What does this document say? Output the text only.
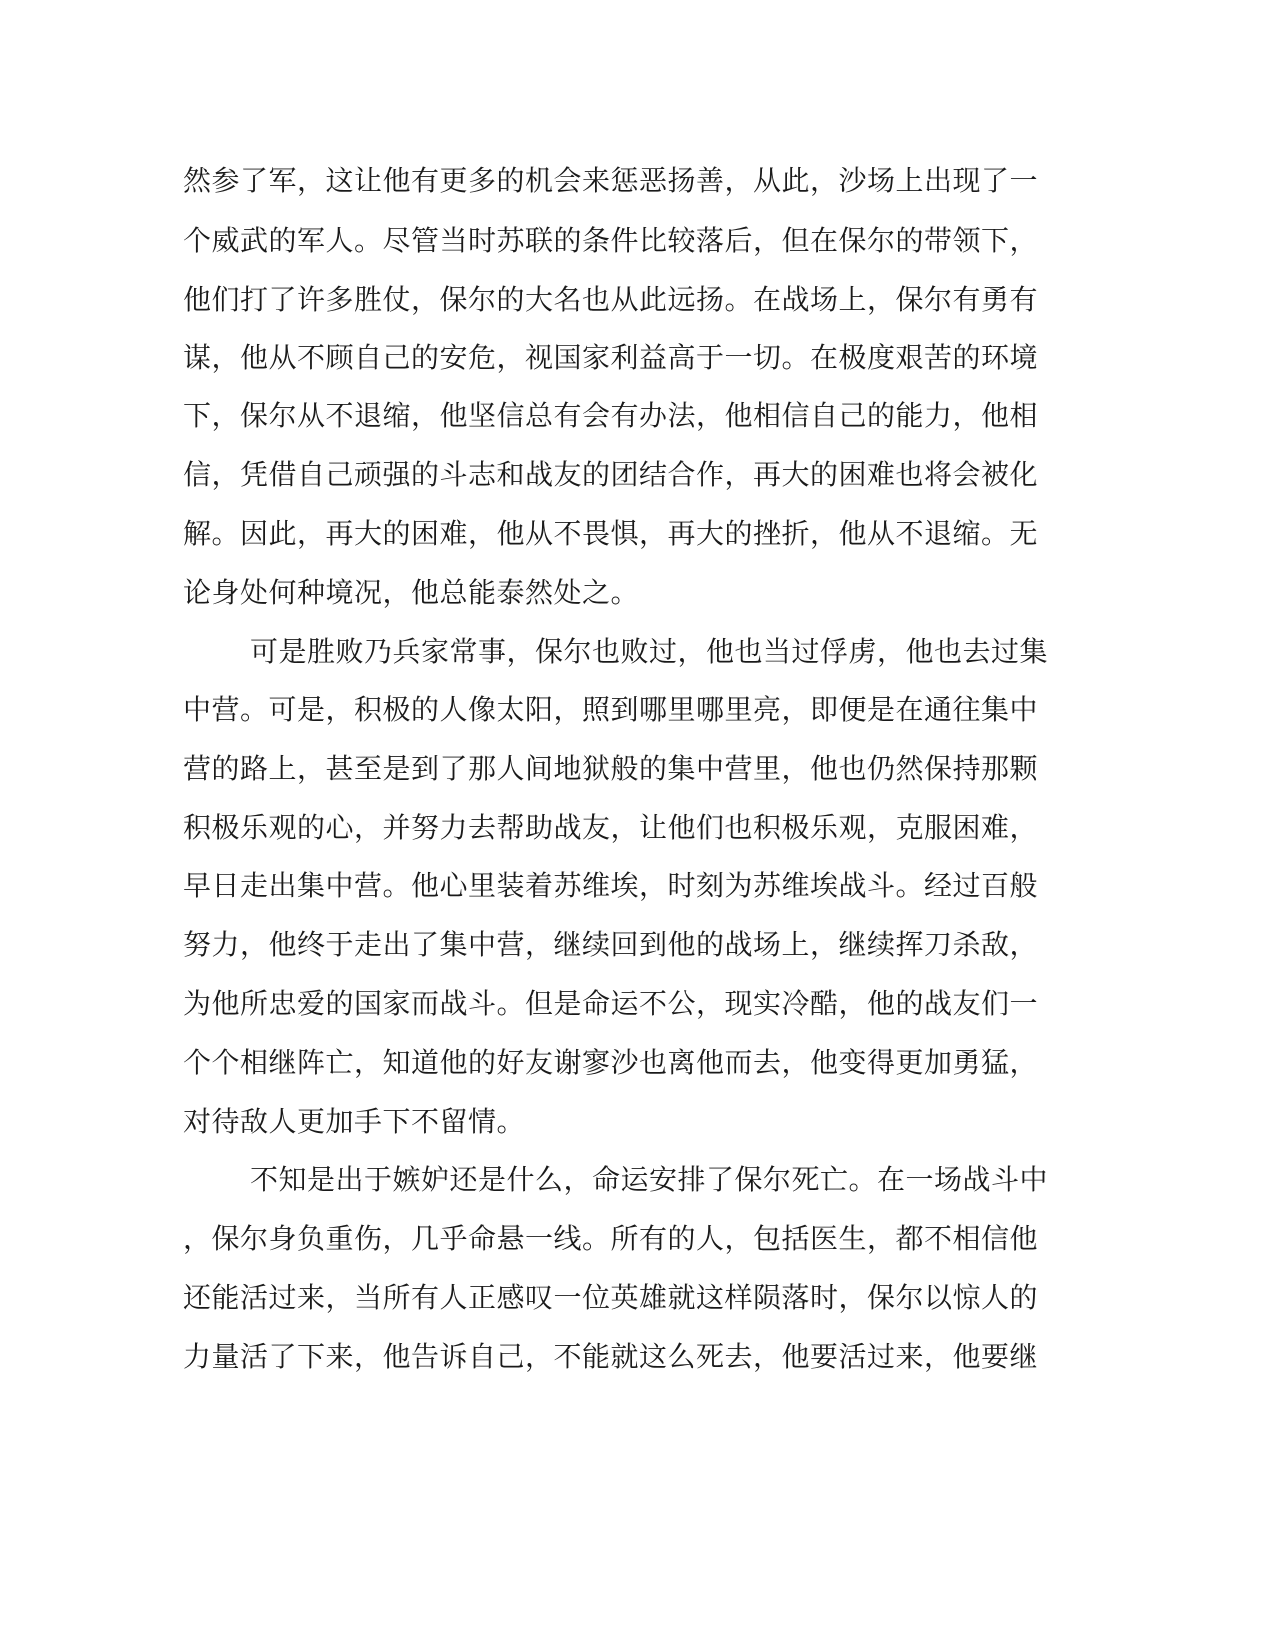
然参了军，这让他有更多的机会来惩恶扬善，从此，沙场上出现了一
个威武的军人。尽管当时苏联的条件比较落后，但在保尔的带领下，
他们打了许多胜仗，保尔的大名也从此远扬。在战场上，保尔有勇有
谋，他从不顾自己的安危，视国家利益高于一切。在极度艰苦的环境
下，保尔从不退缩，他坚信总有会有办法，他相信自己的能力，他相
信，凭借自己顽强的斗志和战友的团结合作，再大的困难也将会被化
解。因此，再大的困难，他从不畏惧，再大的挫折，他从不退缩。无
论身处何种境况，他总能泰然处之。
可是胜败乃兵家常事，保尔也败过，他也当过俘虏，他也去过集
中营。可是，积极的人像太阳，照到哪里哪里亮，即便是在通往集中
营的路上，甚至是到了那人间地狱般的集中营里，他也仍然保持那颗
积极乐观的心，并努力去帮助战友，让他们也积极乐观，克服困难，
早日走出集中营。他心里装着苏维埃，时刻为苏维埃战斗。经过百般
努力，他终于走出了集中营，继续回到他的战场上，继续挥刀杀敌，
为他所忠爱的国家而战斗。但是命运不公，现实冷酷，他的战友们一
个个相继阵亡，知道他的好友谢寥沙也离他而去，他变得更加勇猛，
对待敌人更加手下不留情。
不知是出于嫉妒还是什么，命运安排了保尔死亡。在一场战斗中
，保尔身负重伤，几乎命悬一线。所有的人，包括医生，都不相信他
还能活过来，当所有人正感叹一位英雄就这样陨落时，保尔以惊人的
力量活了下来，他告诉自己，不能就这么死去，他要活过来，他要继
